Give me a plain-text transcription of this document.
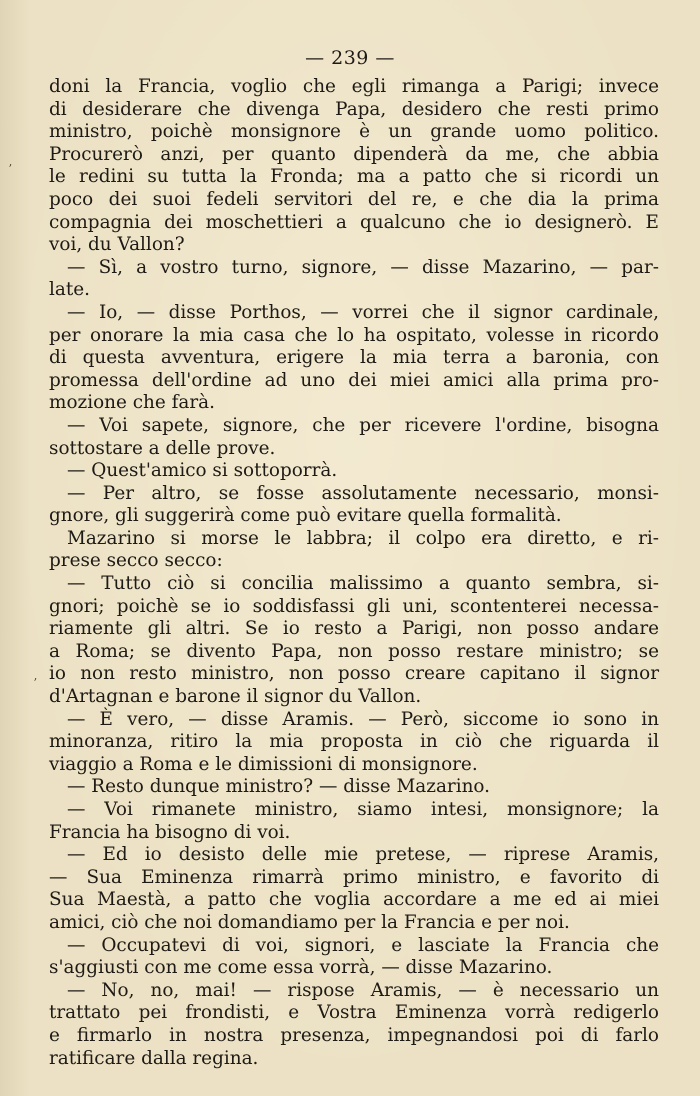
— 239 —
doni la Francia, voglio che egli rimanga a Parigi; invece
di desiderare che divenga Papa, desidero che resti primo
ministro, poichè monsignore è un grande uomo politico.
Procurerò anzi, per quanto dipenderà da me, che abbia
le redini su tutta la Fronda; ma a patto che si ricordi un
poco dei suoi fedeli servitori del re, e che dia la prima
compagnia dei moschettieri a qualcuno che io designerò. E
voi, du Vallon?
— Sì, a vostro turno, signore, — disse Mazarino, — par-
late.
— Io, — disse Porthos, — vorrei che il signor cardinale,
per onorare la mia casa che lo ha ospitato, volesse in ricordo
di questa avventura, erigere la mia terra a baronia, con
promessa dell'ordine ad uno dei miei amici alla prima pro-
mozione che farà.
— Voi sapete, signore, che per ricevere l'ordine, bisogna
sottostare a delle prove.
— Quest'amico si sottoporrà.
— Per altro, se fosse assolutamente necessario, monsi-
gnore, gli suggerirà come può evitare quella formalità.
Mazarino si morse le labbra; il colpo era diretto, e ri-
prese secco secco:
— Tutto ciò si concilia malissimo a quanto sembra, si-
gnori; poichè se io soddisfassi gli uni, scontenterei necessa-
riamente gli altri. Se io resto a Parigi, non posso andare
a Roma; se divento Papa, non posso restare ministro; se
io non resto ministro, non posso creare capitano il signor
d'Artagnan e barone il signor du Vallon.
— È vero, — disse Aramis. — Però, siccome io sono in
minoranza, ritiro la mia proposta in ciò che riguarda il
viaggio a Roma e le dimissioni di monsignore.
— Resto dunque ministro? — disse Mazarino.
— Voi rimanete ministro, siamo intesi, monsignore; la
Francia ha bisogno di voi.
— Ed io desisto delle mie pretese, — riprese Aramis,
— Sua Eminenza rimarrà primo ministro, e favorito di
Sua Maestà, a patto che voglia accordare a me ed ai miei
amici, ciò che noi domandiamo per la Francia e per noi.
— Occupatevi di voi, signori, e lasciate la Francia che
s'aggiusti con me come essa vorrà, — disse Mazarino.
— No, no, mai! — rispose Aramis, — è necessario un
trattato pei frondisti, e Vostra Eminenza vorrà redigerlo
e firmarlo in nostra presenza, impegnandosi poi di farlo
ratificare dalla regina.
ʼ
ʼ
